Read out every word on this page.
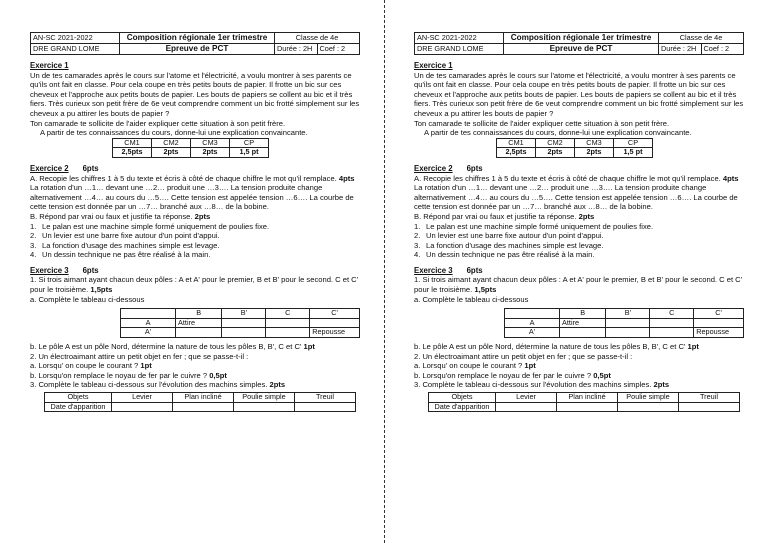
AN-SC 2021-2022	Composition régionale 1er trimestre	Classe de 4e	
DRE GRAND LOME	Epreuve de PCT	Durée : 2H	Coef : 2
Exercice 1

Un de tes camarades après le cours sur l'atome et l'électricité, a voulu montrer à ses parents ce qu'ils ont fait en classe. Pour cela coupe en très petits bouts de papier. Il frotte un bic sur ces cheveux et l'approche aux petits bouts de papier. Les bouts de papiers se collent au bic et il très fiers. Très curieux son petit frère de 6e veut comprendre comment un bic frotté simplement sur les cheveux a pu attirer les bouts de papier ?

Ton camarade te sollicite de l'aider expliquer cette situation à son petit frère.

A partir de tes connaissances du cours, donne-lui une explication convaincante.

CM1	CM2	CM3	CP
2,5pts	2pts	2pts	1,5 pt
Exercice 2 6pts

A. Recopie les chiffres 1 à 5 du texte et écris à côté de chaque chiffre le mot qu'il remplace. 4pts

La rotation d'un …1… devant une …2… produit une …3…. La tension produite change alternativement …4… au cours du …5…. Cette tension est appelée tension …6…. La courbe de cette tension est donnée par un …7… branché aux …8… de la bobine.

B. Répond par vrai ou faux et justifie ta réponse. 2pts

1. Le palan est une machine simple formé uniquement de poulies fixe.
2. Un levier est une barre fixe autour d'un point d'appui.
3. La fonction d'usage des machines simple est levage.
4. Un dessin technique ne pas être réalisé à la main.
Exercice 3 6pts

1. Si trois aimant ayant chacun deux pôles : A et A' pour le premier, B et B' pour le second. C et C' pour le troisième. 1,5pts

a. Complète le tableau ci-dessous

	B	B'	C	C'
A	Attire			
A'				Repousse

b. Le pôle A est un pôle Nord, détermine la nature de tous les pôles B, B', C et C' 1pt

2. Un électroaimant attire un petit objet en fer ; que se passe-t-il :

a. Lorsqu' on coupe le courant ? 1pt

b. Lorsqu'on remplace le noyau de fer par le cuivre ? 0,5pt

3. Complète le tableau ci-dessous sur l'évolution des machins simples. 2pts

Objets	Levier	Plan incliné	Poulie simple	Treuil
Date d'apparition				
AN-SC 2021-2022	Composition régionale 1er trimestre	Classe de 4e	
DRE GRAND LOME	Epreuve de PCT	Durée : 2H	Coef : 2
Exercice 1

Un de tes camarades après le cours sur l'atome et l'électricité, a voulu montrer à ses parents ce qu'ils ont fait en classe. Pour cela coupe en très petits bouts de papier. Il frotte un bic sur ces cheveux et l'approche aux petits bouts de papier. Les bouts de papiers se collent au bic et il très fiers. Très curieux son petit frère de 6e veut comprendre comment un bic frotté simplement sur les cheveux a pu attirer les bouts de papier ?

Ton camarade te sollicite de l'aider expliquer cette situation à son petit frère.

A partir de tes connaissances du cours, donne-lui une explication convaincante.

CM1	CM2	CM3	CP
2,5pts	2pts	2pts	1,5 pt
Exercice 2 6pts

A. Recopie les chiffres 1 à 5 du texte et écris à côté de chaque chiffre le mot qu'il remplace. 4pts

La rotation d'un …1… devant une …2… produit une …3…. La tension produite change alternativement …4… au cours du …5…. Cette tension est appelée tension …6…. La courbe de cette tension est donnée par un …7… branché aux …8… de la bobine.

B. Répond par vrai ou faux et justifie ta réponse. 2pts

1. Le palan est une machine simple formé uniquement de poulies fixe.
2. Un levier est une barre fixe autour d'un point d'appui.
3. La fonction d'usage des machines simple est levage.
4. Un dessin technique ne pas être réalisé à la main.
Exercice 3 6pts

1. Si trois aimant ayant chacun deux pôles : A et A' pour le premier, B et B' pour le second. C et C' pour le troisième. 1,5pts

a. Complète le tableau ci-dessous

	B	B'	C	C'
A	Attire			
A'				Repousse

b. Le pôle A est un pôle Nord, détermine la nature de tous les pôles B, B', C et C' 1pt

2. Un électroaimant attire un petit objet en fer ; que se passe-t-il :

a. Lorsqu' on coupe le courant ? 1pt

b. Lorsqu'on remplace le noyau de fer par le cuivre ? 0,5pt

3. Complète le tableau ci-dessous sur l'évolution des machins simples. 2pts

Objets	Levier	Plan incliné	Poulie simple	Treuil
Date d'apparition				
